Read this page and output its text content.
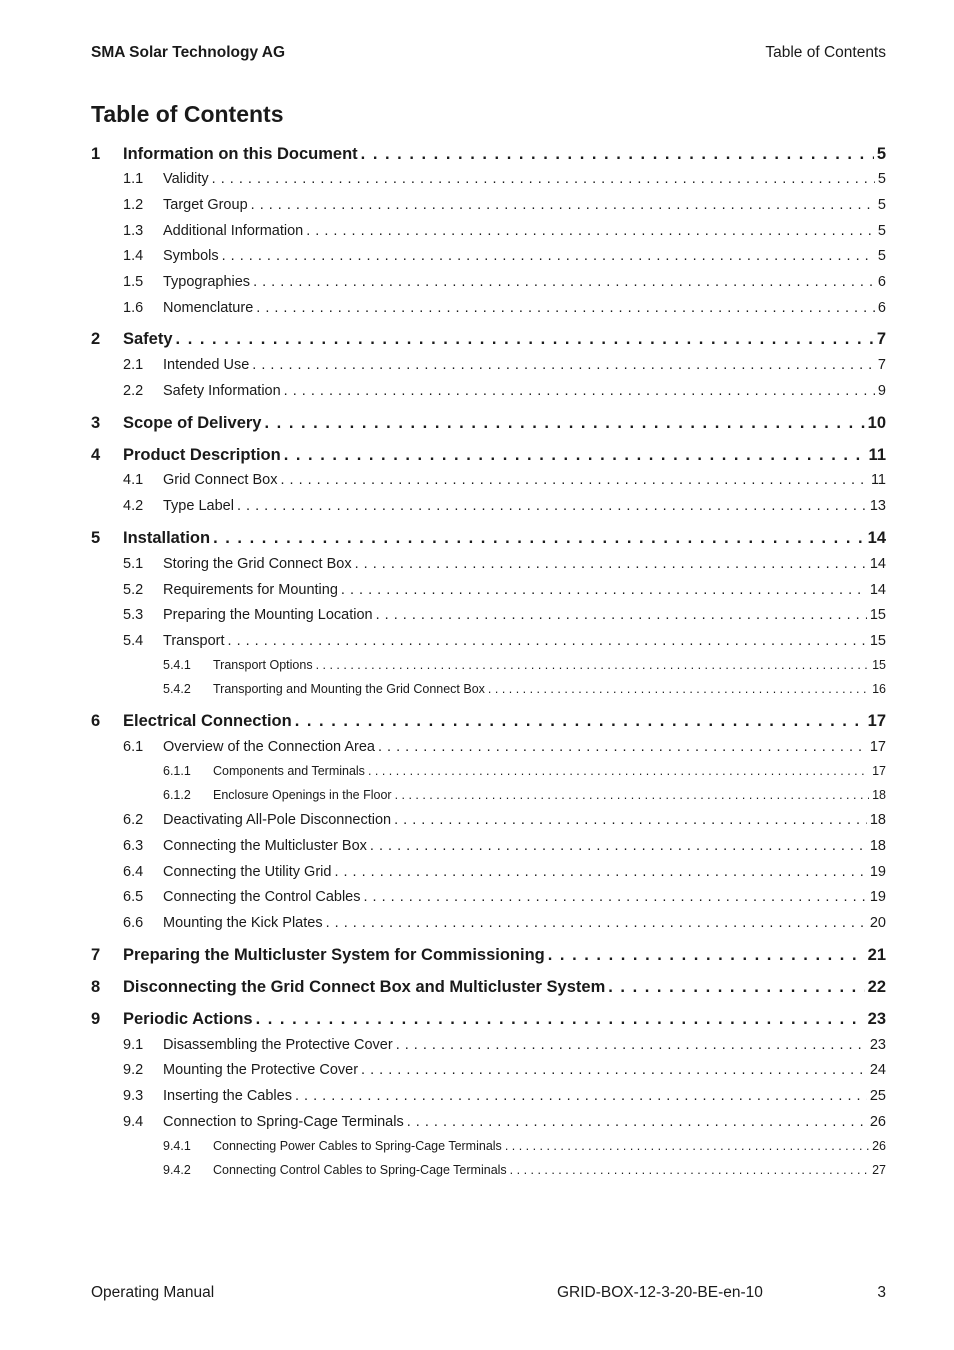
SMA Solar Technology AG	Table of Contents
Table of Contents
1	Information on this Document . . .	5
1.1	Validity . . .	5
1.2	Target Group . . .	5
1.3	Additional Information . . .	5
1.4	Symbols . . .	5
1.5	Typographies . . .	6
1.6	Nomenclature . . .	6
2	Safety . . .	7
2.1	Intended Use . . .	7
2.2	Safety Information . . .	9
3	Scope of Delivery . . .	10
4	Product Description . . .	11
4.1	Grid Connect Box . . .	11
4.2	Type Label . . .	13
5	Installation . . .	14
5.1	Storing the Grid Connect Box . . .	14
5.2	Requirements for Mounting . . .	14
5.3	Preparing the Mounting Location . . .	15
5.4	Transport . . .	15
5.4.1	Transport Options . . .	15
5.4.2	Transporting and Mounting the Grid Connect Box . . .	16
6	Electrical Connection . . .	17
6.1	Overview of the Connection Area . . .	17
6.1.1	Components and Terminals . . .	17
6.1.2	Enclosure Openings in the Floor . . .	18
6.2	Deactivating All-Pole Disconnection . . .	18
6.3	Connecting the Multicluster Box . . .	18
6.4	Connecting the Utility Grid . . .	19
6.5	Connecting the Control Cables . . .	19
6.6	Mounting the Kick Plates . . .	20
7	Preparing the Multicluster System for Commissioning . . .	21
8	Disconnecting the Grid Connect Box and Multicluster System . . .	22
9	Periodic Actions . . .	23
9.1	Disassembling the Protective Cover . . .	23
9.2	Mounting the Protective Cover . . .	24
9.3	Inserting the Cables . . .	25
9.4	Connection to Spring-Cage Terminals . . .	26
9.4.1	Connecting Power Cables to Spring-Cage Terminals . . .	26
9.4.2	Connecting Control Cables to Spring-Cage Terminals . . .	27
Operating Manual	GRID-BOX-12-3-20-BE-en-10	3
